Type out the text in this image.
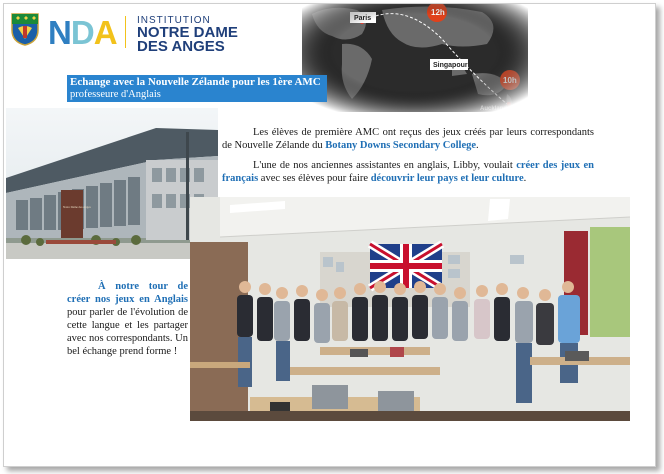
NDA INSTITUTION
NOTRE DAME
DES ANGES
Echange avec la Nouvelle Zélande pour les 1ère AMC
professeure d'Anglais
Notre Dame des Anges
Les élèves de première AMC ont reçus des jeux créés par leurs correspondants de Nouvelle Zélande du Botany Downs Secondary College.
L'une de nos anciennes assistantes en anglais, Libby, voulait créer des jeux en français avec ses élèves pour faire découvrir leur pays et leur culture.
À notre tour de créer nos jeux en Anglais pour parler de l'évolution de cette langue et les partager avec nos correspondants. Un bel échange prend forme !
